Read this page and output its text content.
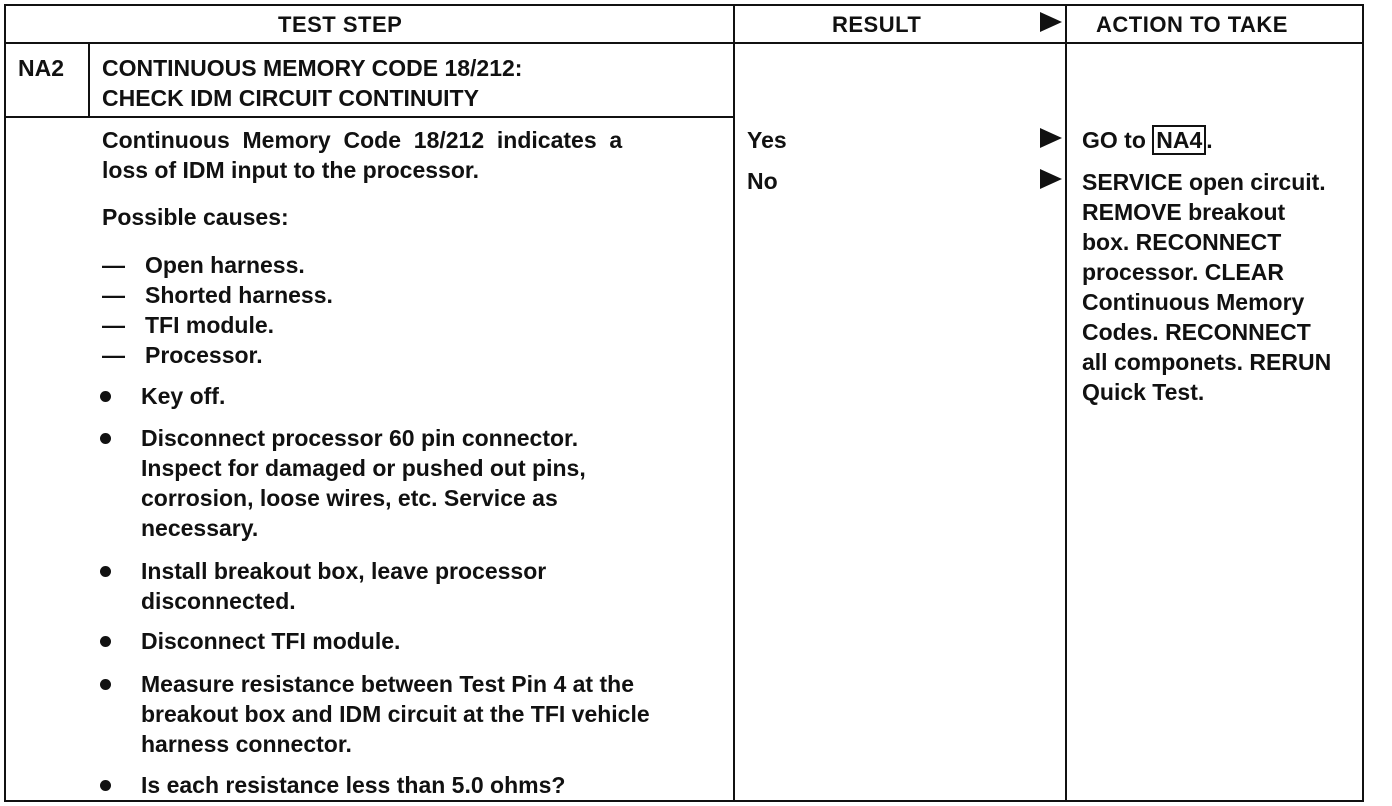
TEST STEP	RESULT	ACTION TO TAKE
NA2 CONTINUOUS MEMORY CODE 18/212:
CHECK IDM CIRCUIT CONTINUITY
Continuous  Memory  Code  18/212  indicates  a
loss of IDM input to the processor.
Possible causes:
— Open harness.
— Shorted harness.
— TFI module.
— Processor.
Key off.
Disconnect processor 60 pin connector.
Inspect for damaged or pushed out pins,
corrosion, loose wires, etc. Service as
necessary.
Install breakout box, leave processor
disconnected.
Disconnect TFI module.
Measure resistance between Test Pin 4 at the
breakout box and IDM circuit at the TFI vehicle
harness connector.
Is each resistance less than 5.0 ohms?
Yes
No
GO to NA4 .
SERVICE open circuit.
REMOVE breakout
box. RECONNECT
processor. CLEAR
Continuous Memory
Codes. RECONNECT
all componets. RERUN
Quick Test.
